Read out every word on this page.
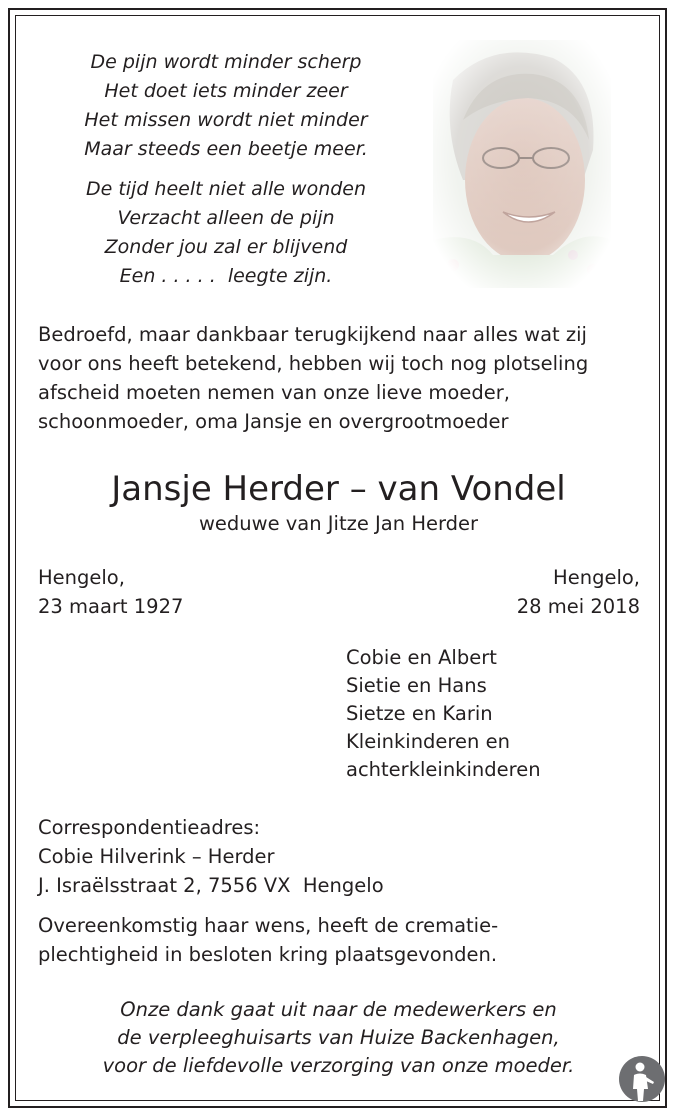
De pijn wordt minder scherp
Het doet iets minder zeer
Het missen wordt niet minder
Maar steeds een beetje meer.
De tijd heelt niet alle wonden
Verzacht alleen de pijn
Zonder jou zal er blijvend
Een . . . . .  leegte zijn.
Bedroefd, maar dankbaar terugkijkend naar alles wat zij
voor ons heeft betekend, hebben wij toch nog plotseling
afscheid moeten nemen van onze lieve moeder,
schoonmoeder, oma Jansje en overgrootmoeder
Jansje Herder – van Vondel
weduwe van Jitze Jan Herder
Hengelo,
23 maart 1927
Hengelo,
28 mei 2018
Cobie en Albert
Sietie en Hans
Sietze en Karin
Kleinkinderen en
achterkleinkinderen
Correspondentieadres:
Cobie Hilverink – Herder
J. Israëlsstraat 2, 7556 VX  Hengelo
Overeenkomstig haar wens, heeft de crematie-
plechtigheid in besloten kring plaatsgevonden.
Onze dank gaat uit naar de medewerkers en
de verpleeghuisarts van Huize Backenhagen,
voor de liefdevolle verzorging van onze moeder.
